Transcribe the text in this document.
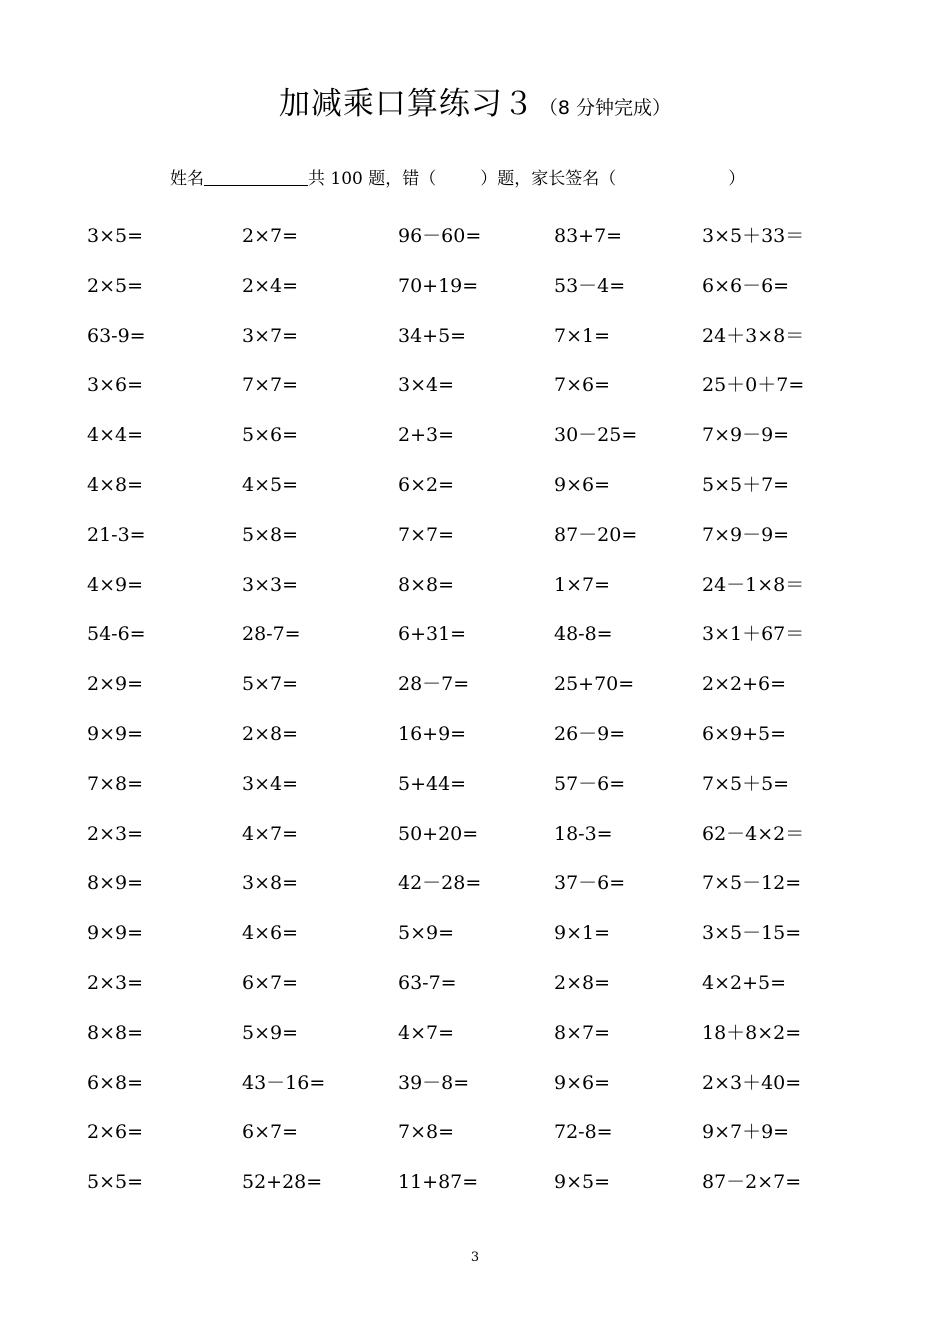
加减乘口算练习３ （8 分钟完成）
姓名	共 100 题，错（	）题，家长签名（	）
3×5=	2×7=	96－60=	83+7=	3×5＋33＝
2×5=	2×4=	70+19=	53－4=	6×6－6=
63-9=	3×7=	34+5=	7×1=	24＋3×8＝
3×6=	7×7=	3×4=	7×6=	25＋0＋7=
4×4=	5×6=	2+3=	30－25=	7×9－9=
4×8=	4×5=	6×2=	9×6=	5×5＋7=
21-3=	5×8=	7×7=	87－20=	7×9－9=
4×9=	3×3=	8×8=	1×7=	24－1×8＝
54-6=	28-7=	6+31=	48-8=	3×1＋67＝
2×9=	5×7=	28－7=	25+70=	2×2+6=
9×9=	2×8=	16+9=	26－9=	6×9+5=
7×8=	3×4=	5+44=	57－6=	7×5＋5=
2×3=	4×7=	50+20=	18-3=	62－4×2＝
8×9=	3×8=	42－28=	37－6=	7×5－12=
9×9=	4×6=	5×9=	9×1=	3×5－15=
2×3=	6×7=	63-7=	2×8=	4×2+5=
8×8=	5×9=	4×7=	8×7=	18＋8×2=
6×8=	43－16=	39－8=	9×6=	2×3＋40=
2×6=	6×7=	7×8=	72-8=	9×7＋9=
5×5=	52+28=	11+87=	9×5=	87－2×7=
3
